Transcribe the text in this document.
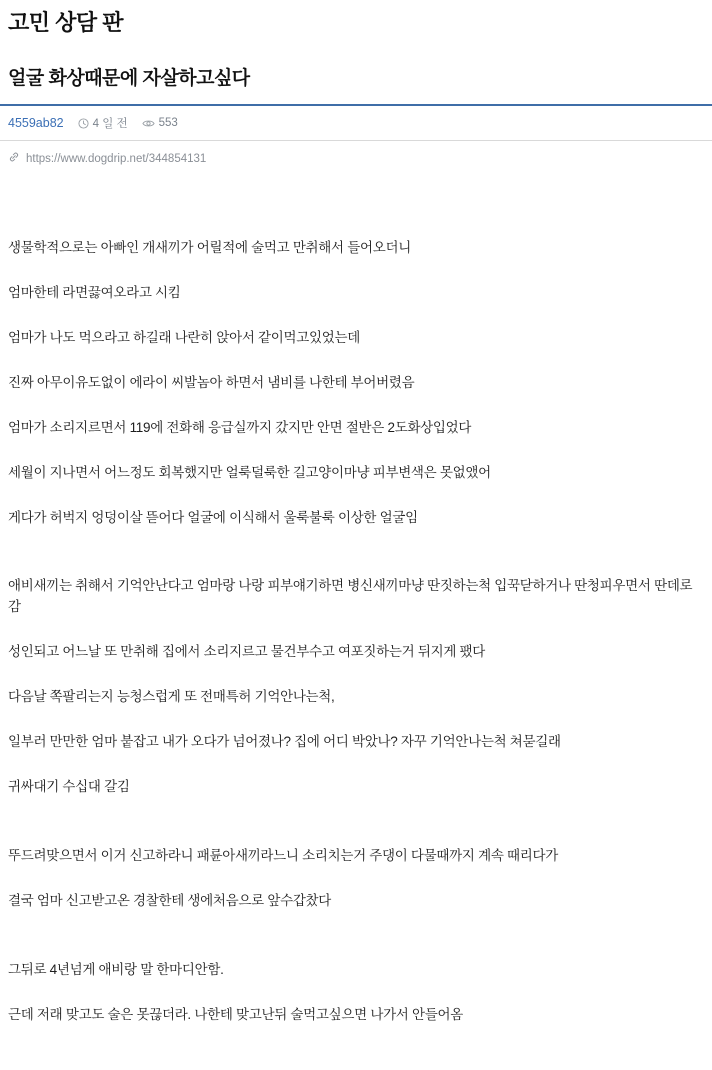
고민 상담 판
얼굴 화상때문에 자살하고싶다
4559ab82	4 일 전	553
https://www.dogdrip.net/344854131

생물학적으로는 아빠인 개새끼가 어릴적에 술먹고 만취해서 들어오더니

엄마한테 라면끓여오라고 시킴

엄마가 나도 먹으라고 하길래 나란히 앉아서 같이먹고있었는데

진짜 아무이유도없이 에라이 씨발놈아 하면서 냄비를 나한테 부어버렸음

엄마가 소리지르면서 119에 전화해 응급실까지 갔지만 안면 절반은 2도화상입었다

세월이 지나면서 어느정도 회복했지만 얼룩덜룩한 길고양이마냥 피부변색은 못없앴어

게다가 허벅지 엉덩이살 뜯어다 얼굴에 이식해서 울룩불룩 이상한 얼굴임

애비새끼는 취해서 기억안난다고 엄마랑 나랑 피부얘기하면 병신새끼마냥 딴짓하는척 입꾹닫하거나 딴청피우면서 딴데로 감

성인되고 어느날 또 만취해 집에서 소리지르고 물건부수고 여포짓하는거 뒤지게 팼다

다음날 쪽팔리는지 능청스럽게 또 전매특허 기억안나는척,

일부러 만만한 엄마 붙잡고 내가 오다가 넘어졌나? 집에 어디 박았나? 자꾸 기억안나는척 쳐묻길래

귀싸대기 수십대 갈김

뚜드려맞으면서 이거 신고하라니 패륜아새끼라느니 소리치는거 주댕이 다물때까지 계속 때리다가

결국 엄마 신고받고온 경찰한테 생에처음으로 앞수갑찼다

그뒤로 4년넘게 애비랑 말 한마디안함.

근데 저래 맞고도 술은 못끊더라. 나한테 맞고난뒤 술먹고싶으면 나가서 안들어옴
